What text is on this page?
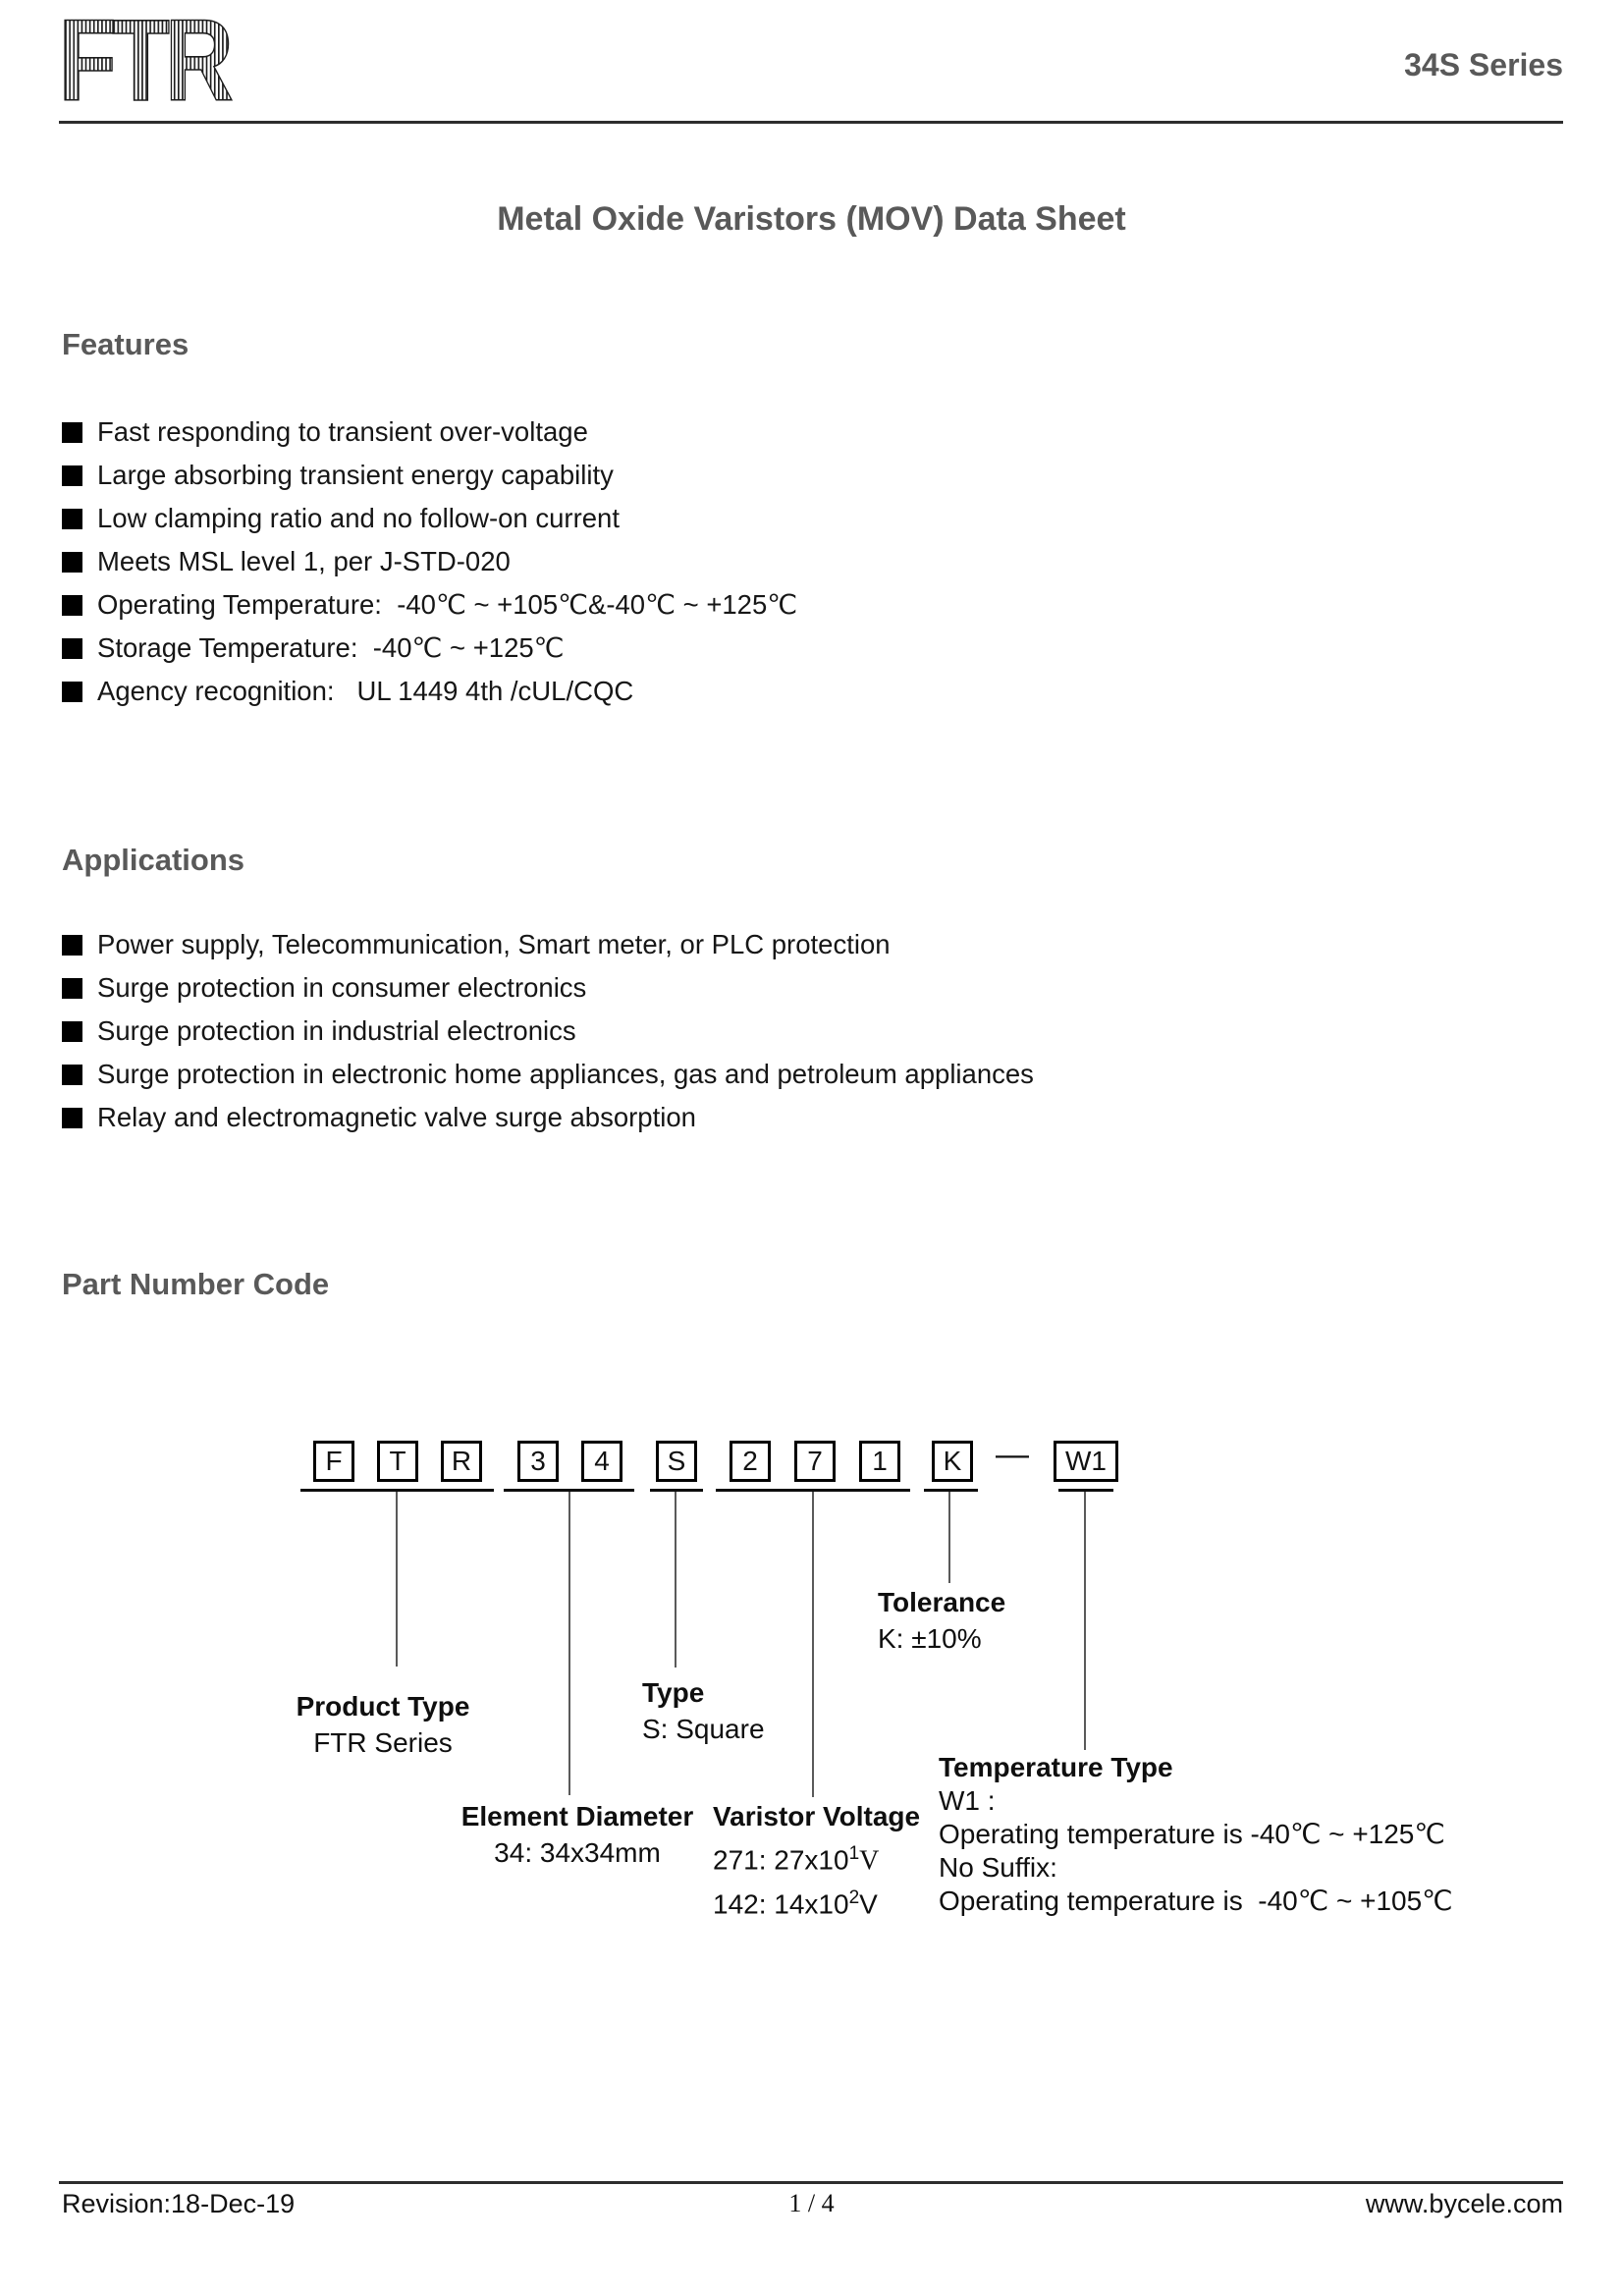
FTR	34S Series
Metal Oxide Varistors (MOV) Data Sheet
Features
Fast responding to transient over-voltage
Large absorbing transient energy capability
Low clamping ratio and no follow-on current
Meets MSL level 1, per J-STD-020
Operating Temperature:  -40℃ ~ +105℃&-40℃ ~ +125℃
Storage Temperature:  -40℃ ~ +125℃
Agency recognition:   UL 1449 4th /cUL/CQC
Applications
Power supply, Telecommunication, Smart meter, or PLC protection
Surge protection in consumer electronics
Surge protection in industrial electronics
Surge protection in electronic home appliances, gas and petroleum appliances
Relay and electromagnetic valve surge absorption
Part Number Code
F	T	R	3	4	S	2	7	1	K	—	W1
Tolerance
K: ±10%
Product Type
FTR Series
Type
S: Square
Element Diameter
34: 34x34mm
Varistor Voltage
271: $27x10^1V$
142: $14x10^2V$
Temperature Type
W1 :
Operating temperature is -40℃ ~ +125℃
No Suffix:
Operating temperature is  -40℃ ~ +105℃
Revision:18-Dec-19	1 / 4	www.bycele.com
